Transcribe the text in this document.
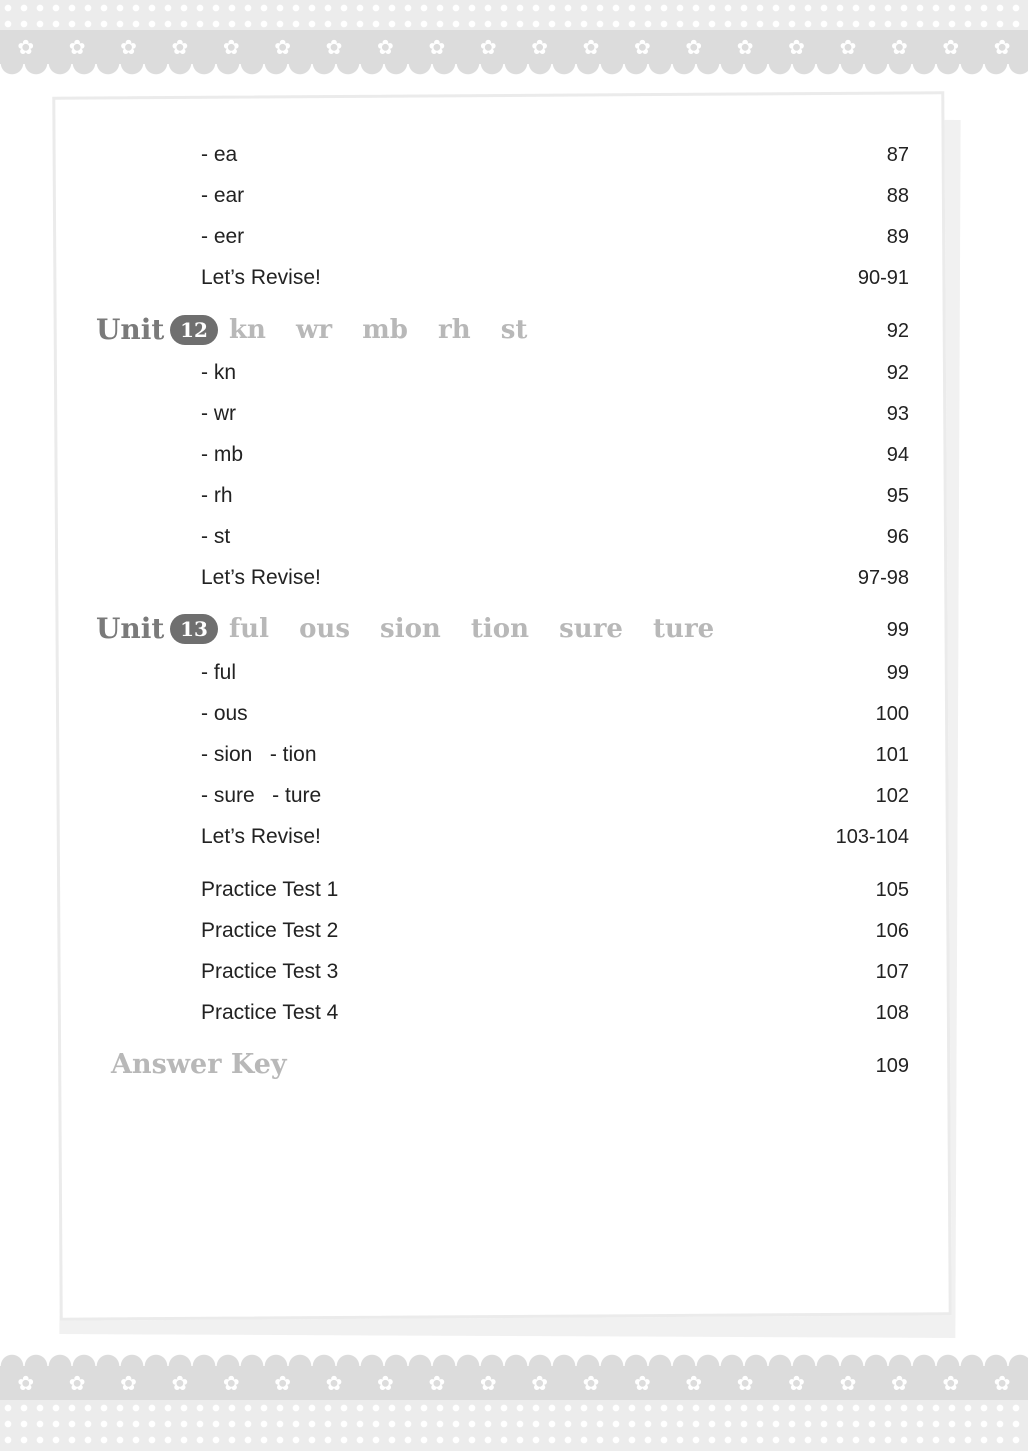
✿ ✿ ✿ ✿ ✿ ✿ ✿ ✿ ✿ ✿ ✿ ✿ ✿ ✿ ✿ ✿ ✿ ✿ ✿ ✿
✿ ✿ ✿ ✿ ✿ ✿ ✿ ✿ ✿ ✿ ✿ ✿ ✿ ✿ ✿ ✿ ✿ ✿ ✿ ✿
- ea	87
- ear	88
- eer	89
Let’s Revise!	90-91
Unit 12 kn  wr  mb  rh  st	92
- kn	92
- wr	93
- mb	94
- rh	95
- st	96
Let’s Revise!	97-98
Unit 13 ful  ous  sion  tion  sure  ture	99
- ful	99
- ous	100
- sion   - tion	101
- sure   - ture	102
Let’s Revise!	103-104
Practice Test 1	105
Practice Test 2	106
Practice Test 3	107
Practice Test 4	108
Answer Key	109
